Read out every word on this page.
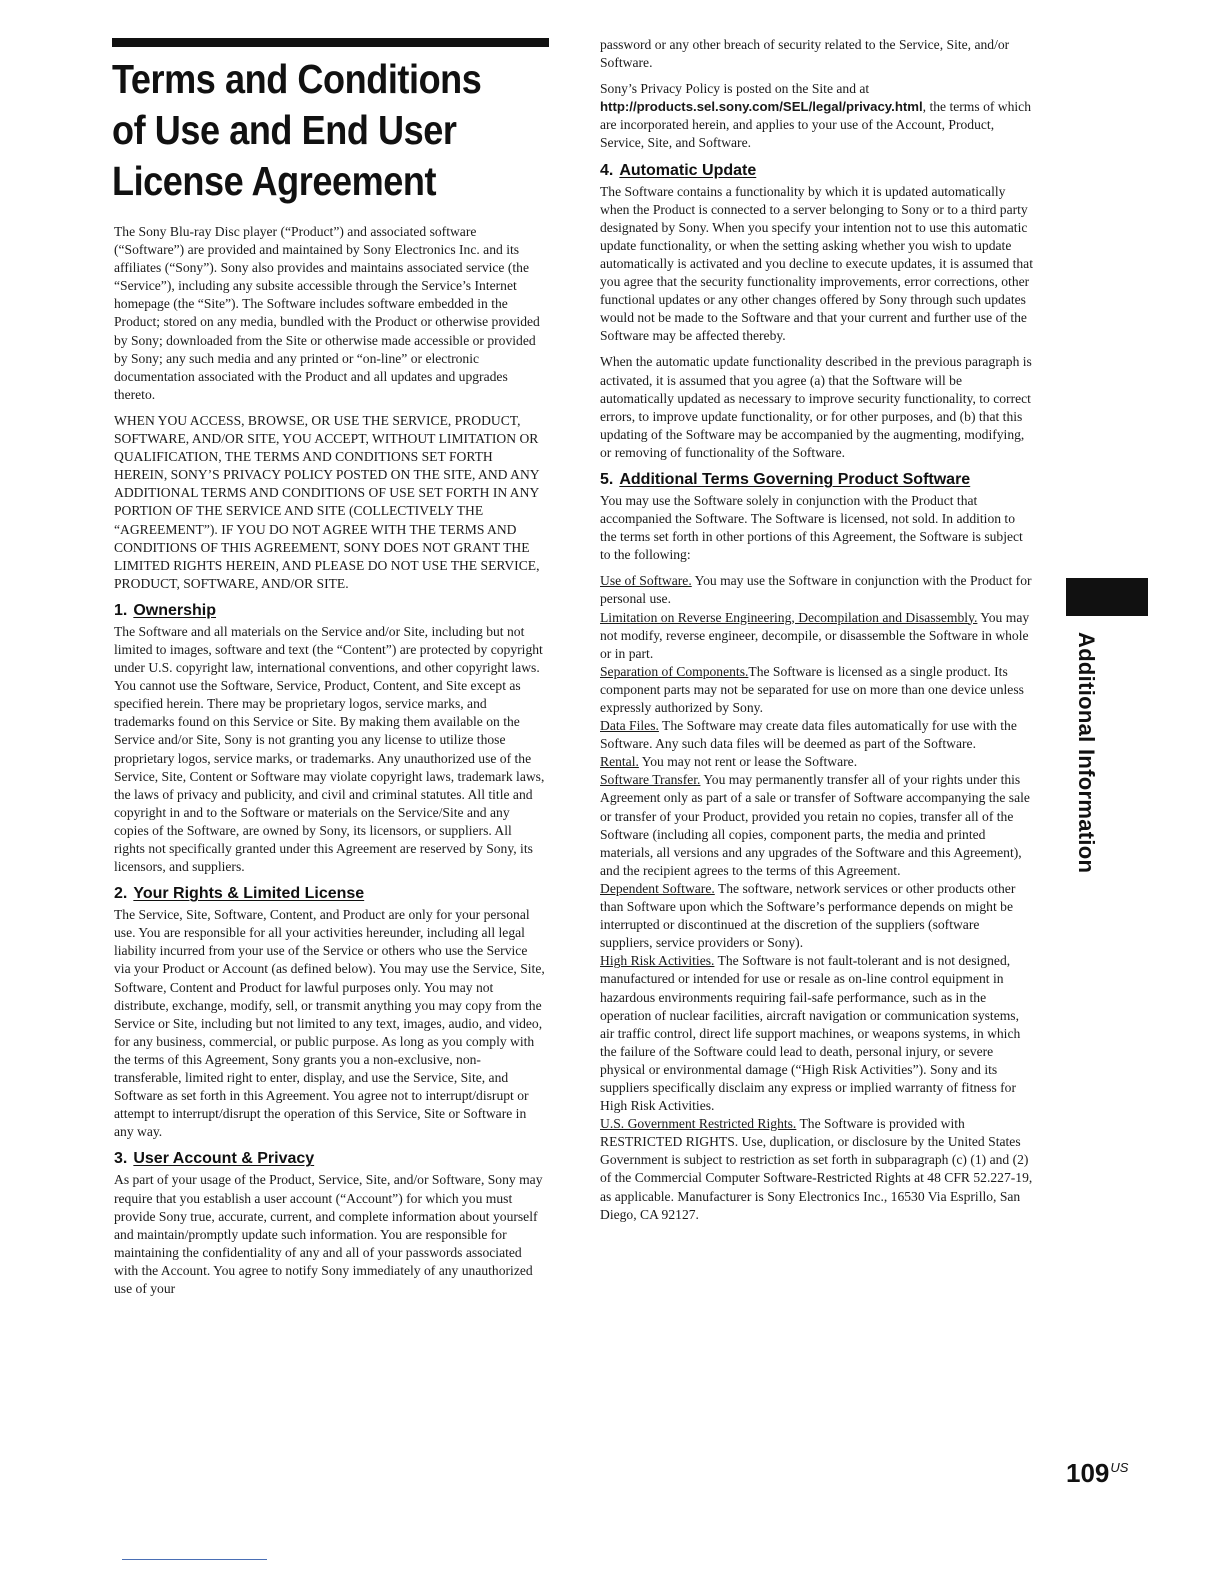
Terms and Conditions of Use and End User License Agreement

The Sony Blu-ray Disc player (“Product”) and associated software (“Software”) are provided and maintained by Sony Electronics Inc. and its affiliates (“Sony”). Sony also provides and maintains associated service (the “Service”), including any subsite accessible through the Service’s Internet homepage (the “Site”). The Software includes software embedded in the Product; stored on any media, bundled with the Product or otherwise provided by Sony; downloaded from the Site or otherwise made accessible or provided by Sony; any such media and any printed or “on-line” or electronic documentation associated with the Product and all updates and upgrades thereto.

WHEN YOU ACCESS, BROWSE, OR USE THE SERVICE, PRODUCT, SOFTWARE, AND/OR SITE, YOU ACCEPT, WITHOUT LIMITATION OR QUALIFICATION, THE TERMS AND CONDITIONS SET FORTH HEREIN, SONY’S PRIVACY POLICY POSTED ON THE SITE, AND ANY ADDITIONAL TERMS AND CONDITIONS OF USE SET FORTH IN ANY PORTION OF THE SERVICE AND SITE (COLLECTIVELY THE “AGREEMENT”). IF YOU DO NOT AGREE WITH THE TERMS AND CONDITIONS OF THIS AGREEMENT, SONY DOES NOT GRANT THE LIMITED RIGHTS HEREIN, AND PLEASE DO NOT USE THE SERVICE, PRODUCT, SOFTWARE, AND/OR SITE.

1. Ownership

The Software and all materials on the Service and/or Site, including but not limited to images, software and text (the “Content”) are protected by copyright under U.S. copyright law, international conventions, and other copyright laws. You cannot use the Software, Service, Product, Content, and Site except as specified herein. There may be proprietary logos, service marks, and trademarks found on this Service or Site. By making them available on the Service and/or Site, Sony is not granting you any license to utilize those proprietary logos, service marks, or trademarks. Any unauthorized use of the Service, Site, Content or Software may violate copyright laws, trademark laws, the laws of privacy and publicity, and civil and criminal statutes. All title and copyright in and to the Software or materials on the Service/Site and any copies of the Software, are owned by Sony, its licensors, or suppliers. All rights not specifically granted under this Agreement are reserved by Sony, its licensors, and suppliers.

2. Your Rights & Limited License

The Service, Site, Software, Content, and Product are only for your personal use. You are responsible for all your activities hereunder, including all legal liability incurred from your use of the Service or others who use the Service via your Product or Account (as defined below). You may use the Service, Site, Software, Content and Product for lawful purposes only. You may not distribute, exchange, modify, sell, or transmit anything you may copy from the Service or Site, including but not limited to any text, images, audio, and video, for any business, commercial, or public purpose. As long as you comply with the terms of this Agreement, Sony grants you a non-exclusive, non-transferable, limited right to enter, display, and use the Service, Site, and Software as set forth in this Agreement. You agree not to interrupt/disrupt or attempt to interrupt/disrupt the operation of this Service, Site or Software in any way.

3. User Account & Privacy

As part of your usage of the Product, Service, Site, and/or Software, Sony may require that you establish a user account (“Account”) for which you must provide Sony true, accurate, current, and complete information about yourself and maintain/promptly update such information. You are responsible for maintaining the confidentiality of any and all of your passwords associated with the Account. You agree to notify Sony immediately of any unauthorized use of your

password or any other breach of security related to the Service, Site, and/or Software.

Sony’s Privacy Policy is posted on the Site and at
http://products.sel.sony.com/SEL/legal/privacy.html, the terms of which are incorporated herein, and applies to your use of the Account, Product, Service, Site, and Software.

4. Automatic Update

The Software contains a functionality by which it is updated automatically when the Product is connected to a server belonging to Sony or to a third party designated by Sony. When you specify your intention not to use this automatic update functionality, or when the setting asking whether you wish to update automatically is activated and you decline to execute updates, it is assumed that you agree that the security functionality improvements, error corrections, other functional updates or any other changes offered by Sony through such updates would not be made to the Software and that your current and further use of the Software may be affected thereby.

When the automatic update functionality described in the previous paragraph is activated, it is assumed that you agree (a) that the Software will be automatically updated as necessary to improve security functionality, to correct errors, to improve update functionality, or for other purposes, and (b) that this updating of the Software may be accompanied by the augmenting, modifying, or removing of functionality of the Software.

5. Additional Terms Governing Product Software

You may use the Software solely in conjunction with the Product that accompanied the Software. The Software is licensed, not sold. In addition to the terms set forth in other portions of this Agreement, the Software is subject to the following:

Use of Software. You may use the Software in conjunction with the Product for personal use.

Limitation on Reverse Engineering, Decompilation and Disassembly. You may not modify, reverse engineer, decompile, or disassemble the Software in whole or in part.

Separation of Components.The Software is licensed as a single product. Its component parts may not be separated for use on more than one device unless expressly authorized by Sony.

Data Files. The Software may create data files automatically for use with the Software. Any such data files will be deemed as part of the Software.

Rental. You may not rent or lease the Software.

Software Transfer. You may permanently transfer all of your rights under this Agreement only as part of a sale or transfer of Software accompanying the sale or transfer of your Product, provided you retain no copies, transfer all of the Software (including all copies, component parts, the media and printed materials, all versions and any upgrades of the Software and this Agreement), and the recipient agrees to the terms of this Agreement.

Dependent Software. The software, network services or other products other than Software upon which the Software’s performance depends on might be interrupted or discontinued at the discretion of the suppliers (software suppliers, service providers or Sony).

High Risk Activities. The Software is not fault-tolerant and is not designed, manufactured or intended for use or resale as on-line control equipment in hazardous environments requiring fail-safe performance, such as in the operation of nuclear facilities, aircraft navigation or communication systems, air traffic control, direct life support machines, or weapons systems, in which the failure of the Software could lead to death, personal injury, or severe physical or environmental damage (“High Risk Activities”). Sony and its suppliers specifically disclaim any express or implied warranty of fitness for High Risk Activities.

U.S. Government Restricted Rights. The Software is provided with RESTRICTED RIGHTS. Use, duplication, or disclosure by the United States Government is subject to restriction as set forth in subparagraph (c) (1) and (2) of the Commercial Computer Software-Restricted Rights at 48 CFR 52.227-19, as applicable. Manufacturer is Sony Electronics Inc., 16530 Via Esprillo, San Diego, CA 92127.

Additional Information
$109^{US}$
